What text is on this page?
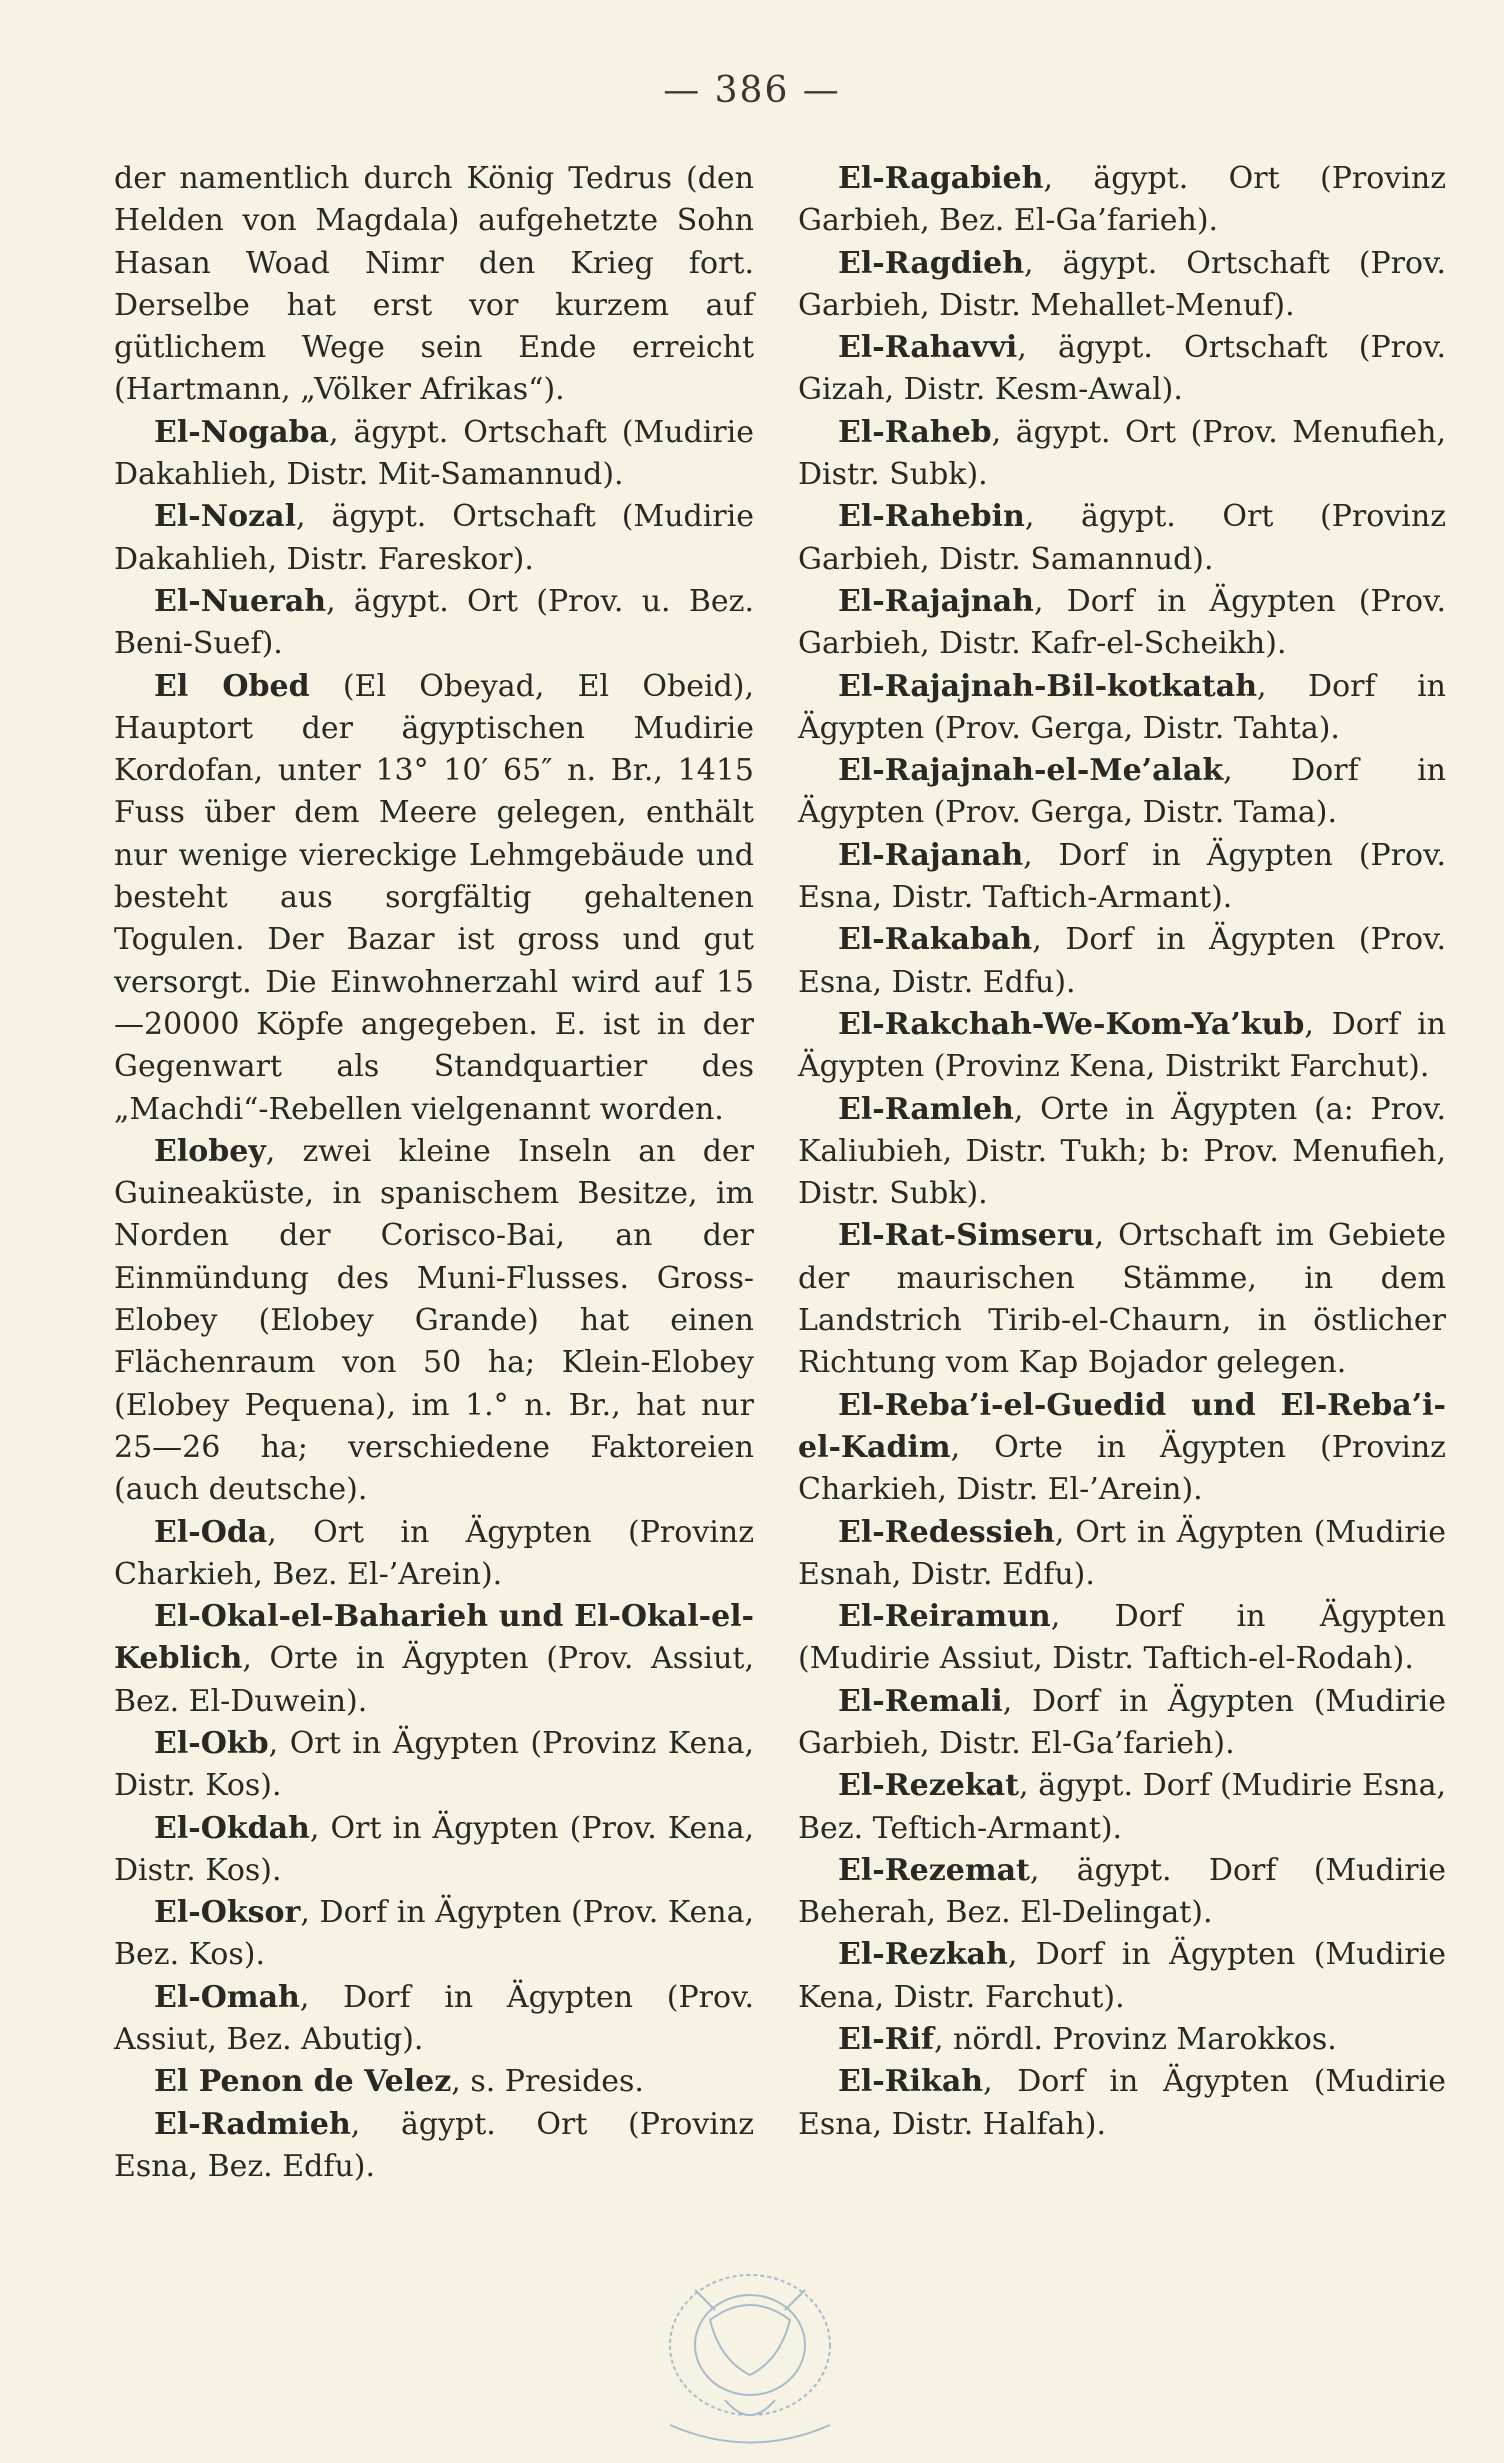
— 386 —

der namentlich durch König Tedrus (den Helden von Magdala) aufgehetzte Sohn Hasan Woad Nimr den Krieg fort. Derselbe hat erst vor kurzem auf gütlichem Wege sein Ende erreicht (Hartmann, „Völker Afrikas“).

El-Nogaba, ägypt. Ortschaft (Mudirie Dakahlieh, Distr. Mit-Samannud).

El-Nozal, ägypt. Ortschaft (Mudirie Dakahlieh, Distr. Fareskor).

El-Nuerah, ägypt. Ort (Prov. u. Bez. Beni-Suef).

El Obed (El Obeyad, El Obeid), Hauptort der ägyptischen Mudirie Kordofan, unter 13° 10′ 65″ n. Br., 1415 Fuss über dem Meere gelegen, enthält nur wenige viereckige Lehmgebäude und besteht aus sorgfältig gehaltenen Togulen. Der Bazar ist gross und gut versorgt. Die Einwohnerzahl wird auf 15—20000 Köpfe angegeben. E. ist in der Gegenwart als Standquartier des „Machdi“-Rebellen vielgenannt worden.

Elobey, zwei kleine Inseln an der Guineaküste, in spanischem Besitze, im Norden der Corisco-Bai, an der Einmündung des Muni-Flusses. Gross-Elobey (Elobey Grande) hat einen Flächenraum von 50 ha; Klein-Elobey (Elobey Pequena), im 1.° n. Br., hat nur 25—26 ha; verschiedene Faktoreien (auch deutsche).

El-Oda, Ort in Ägypten (Provinz Charkieh, Bez. El-’Arein).

El-Okal-el-Baharieh und El-Okal-el-Keblich, Orte in Ägypten (Prov. Assiut, Bez. El-Duwein).

El-Okb, Ort in Ägypten (Provinz Kena, Distr. Kos).

El-Okdah, Ort in Ägypten (Prov. Kena, Distr. Kos).

El-Oksor, Dorf in Ägypten (Prov. Kena, Bez. Kos).

El-Omah, Dorf in Ägypten (Prov. Assiut, Bez. Abutig).

El Penon de Velez, s. Presides.

El-Radmieh, ägypt. Ort (Provinz Esna, Bez. Edfu).

El-Ragabieh, ägypt. Ort (Provinz Garbieh, Bez. El-Ga’farieh).

El-Ragdieh, ägypt. Ortschaft (Prov. Garbieh, Distr. Mehallet-Menuf).

El-Rahavvi, ägypt. Ortschaft (Prov. Gizah, Distr. Kesm-Awal).

El-Raheb, ägypt. Ort (Prov. Menufieh, Distr. Subk).

El-Rahebin, ägypt. Ort (Provinz Garbieh, Distr. Samannud).

El-Rajajnah, Dorf in Ägypten (Prov. Garbieh, Distr. Kafr-el-Scheikh).

El-Rajajnah-Bil-kotkatah, Dorf in Ägypten (Prov. Gerga, Distr. Tahta).

El-Rajajnah-el-Me’alak, Dorf in Ägypten (Prov. Gerga, Distr. Tama).

El-Rajanah, Dorf in Ägypten (Prov. Esna, Distr. Taftich-Armant).

El-Rakabah, Dorf in Ägypten (Prov. Esna, Distr. Edfu).

El-Rakchah-We-Kom-Ya’kub, Dorf in Ägypten (Provinz Kena, Distrikt Farchut).

El-Ramleh, Orte in Ägypten (a: Prov. Kaliubieh, Distr. Tukh; b: Prov. Menufieh, Distr. Subk).

El-Rat-Simseru, Ortschaft im Gebiete der maurischen Stämme, in dem Landstrich Tirib-el-Chaurn, in östlicher Richtung vom Kap Bojador gelegen.

El-Reba’i-el-Guedid und El-Reba’i-el-Kadim, Orte in Ägypten (Provinz Charkieh, Distr. El-’Arein).

El-Redessieh, Ort in Ägypten (Mudirie Esnah, Distr. Edfu).

El-Reiramun, Dorf in Ägypten (Mudirie Assiut, Distr. Taftich-el-Rodah).

El-Remali, Dorf in Ägypten (Mudirie Garbieh, Distr. El-Ga’farieh).

El-Rezekat, ägypt. Dorf (Mudirie Esna, Bez. Teftich-Armant).

El-Rezemat, ägypt. Dorf (Mudirie Beherah, Bez. El-Delingat).

El-Rezkah, Dorf in Ägypten (Mudirie Kena, Distr. Farchut).

El-Rif, nördl. Provinz Marokkos.

El-Rikah, Dorf in Ägypten (Mudirie Esna, Distr. Halfah).
